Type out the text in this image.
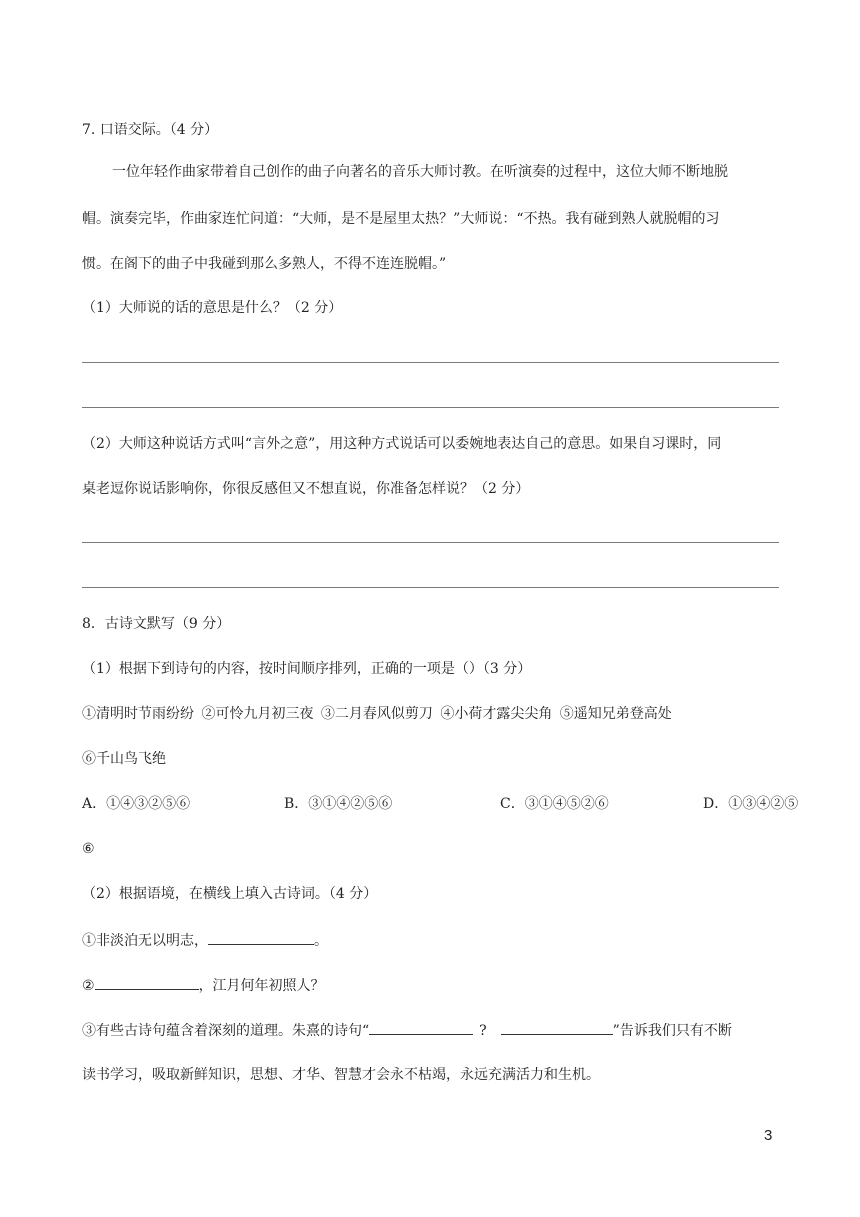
7. 口语交际。（4 分）
一位年轻作曲家带着自己创作的曲子向著名的音乐大师讨教。在听演奏的过程中，这位大师不断地脱
帽。演奏完毕，作曲家连忙问道：“大师，是不是屋里太热？”大师说：“不热。我有碰到熟人就脱帽的习
惯。在阁下的曲子中我碰到那么多熟人，不得不连连脱帽。”
（1）大师说的话的意思是什么？（2 分）
（2）大师这种说话方式叫“言外之意”，用这种方式说话可以委婉地表达自己的意思。如果自习课时，同
桌老逗你说话影响你，你很反感但又不想直说，你准备怎样说？（2 分）
8．古诗文默写（9 分）
（1）根据下到诗句的内容，按时间顺序排列，正确的一项是（）（3 分）
①清明时节雨纷纷 ②可怜九月初三夜 ③二月春风似剪刀 ④小荷才露尖尖角 ⑤遥知兄弟登高处
⑥千山鸟飞绝
A．①④③②⑤⑥	B．③①④②⑤⑥	C．③①④⑤②⑥	D．①③④②⑤
⑥
（2）根据语境，在横线上填入古诗词。（4 分）
①非淡泊无以明志，	。
②	，江月何年初照人？
③有些古诗句蕴含着深刻的道理。朱熹的诗句“	?	”告诉我们只有不断
读书学习，吸取新鲜知识，思想、才华、智慧才会永不枯竭，永远充满活力和生机。
3
